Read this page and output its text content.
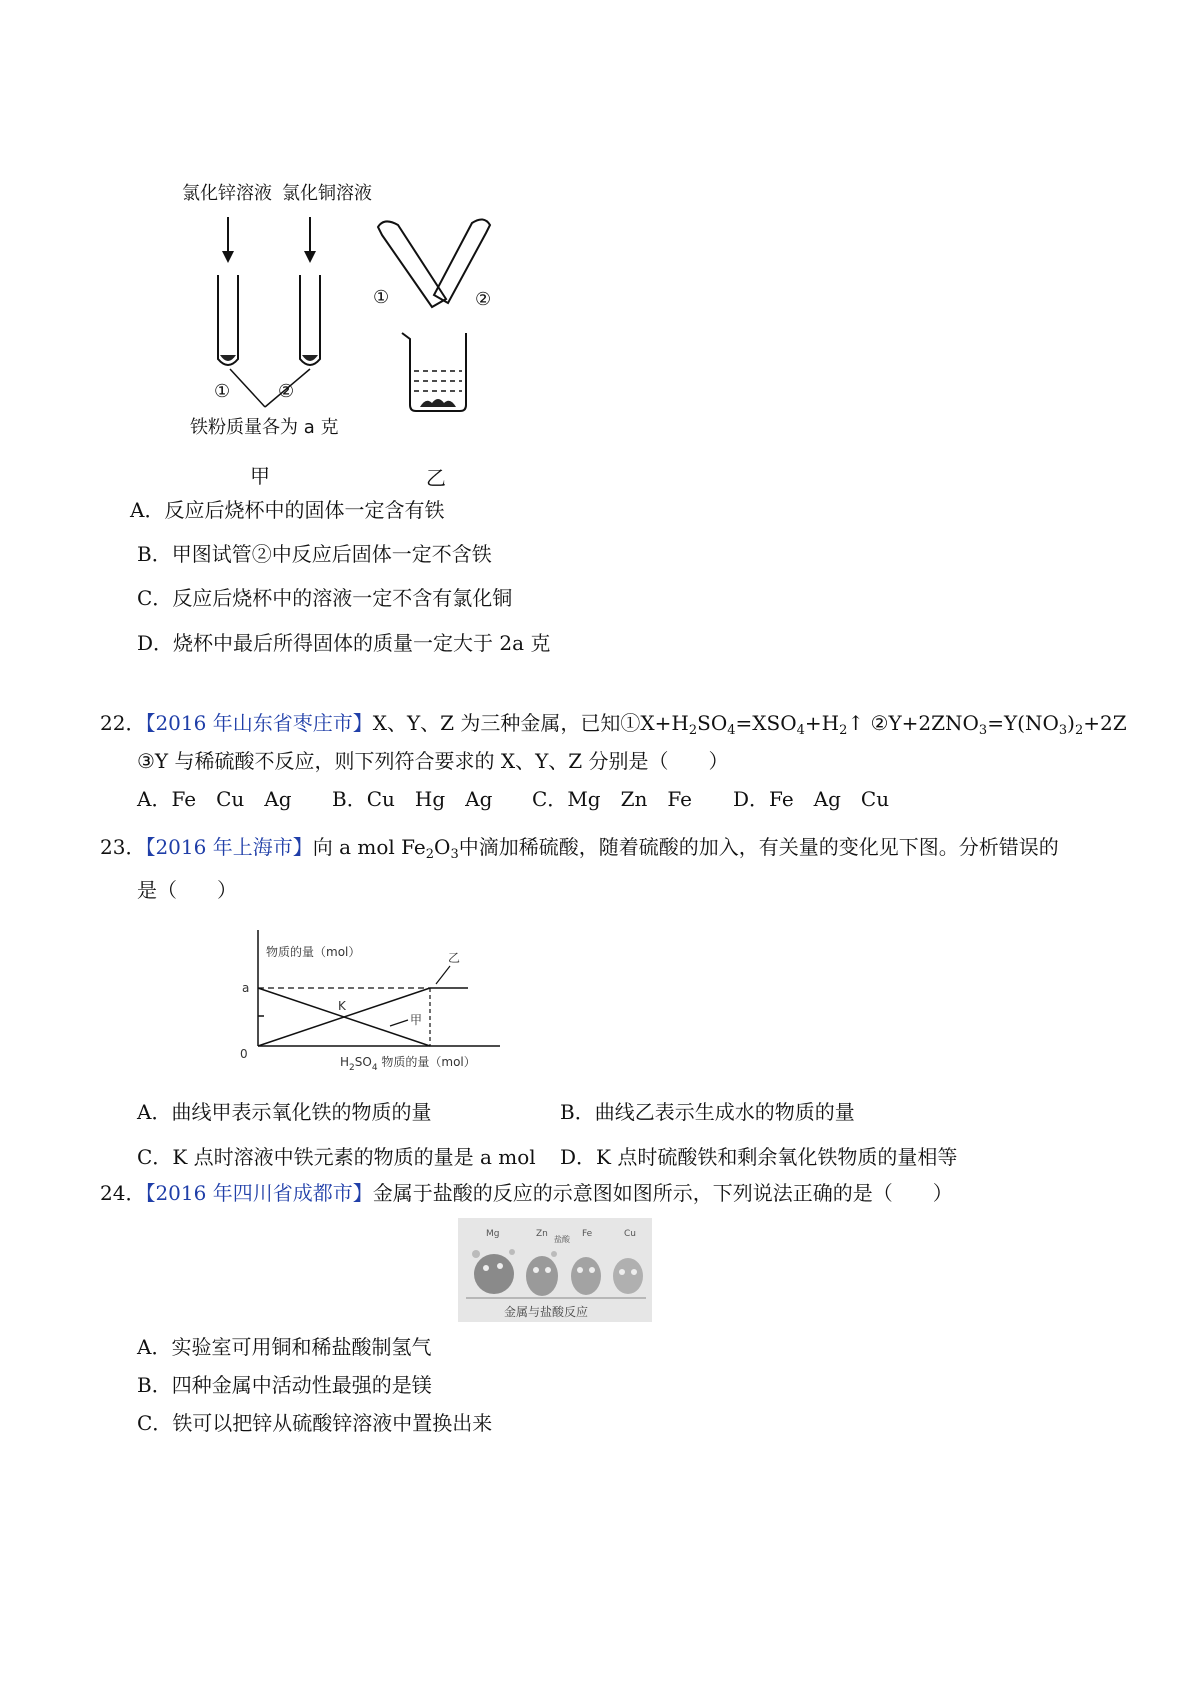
氯化锌溶液 氯化铜溶液
①	②
铁粉质量各为 a 克
甲
①	②
乙
A．反应后烧杯中的固体一定含有铁
B．甲图试管②中反应后固体一定不含铁
C．反应后烧杯中的溶液一定不含有氯化铜
D．烧杯中最后所得固体的质量一定大于 2a 克
22．【2016 年山东省枣庄市】X、Y、Z 为三种金属，已知$①X+H_2SO_4=XSO_4+H_2↑$ $②Y+2ZNO_3=Y(NO_3)_2+2Z$
③Y 与稀硫酸不反应，则下列符合要求的 X、Y、Z 分别是（　　）
A．Fe　Cu　Ag B．Cu　Hg　Ag C．Mg　Zn　Fe D．Fe　Ag　Cu
23．【2016 年上海市】向 a mol $Fe_2O_3$中滴加稀硫酸，随着硫酸的加入，有关量的变化见下图。分析错误的
是（　　）
物质的量（mol）
a
0
K
乙
甲
$H_2SO_4$ 物质的量（mol）
A．曲线甲表示氧化铁的物质的量	B．曲线乙表示生成水的物质的量
C．K 点时溶液中铁元素的物质的量是 a mol D．K 点时硫酸铁和剩余氧化铁物质的量相等
24．【2016 年四川省成都市】金属于盐酸的反应的示意图如图所示，下列说法正确的是（　　）
Mg	Zn
盐酸
Fe	Cu
金属与盐酸反应
A．实验室可用铜和稀盐酸制氢气
B．四种金属中活动性最强的是镁
C．铁可以把锌从硫酸锌溶液中置换出来
